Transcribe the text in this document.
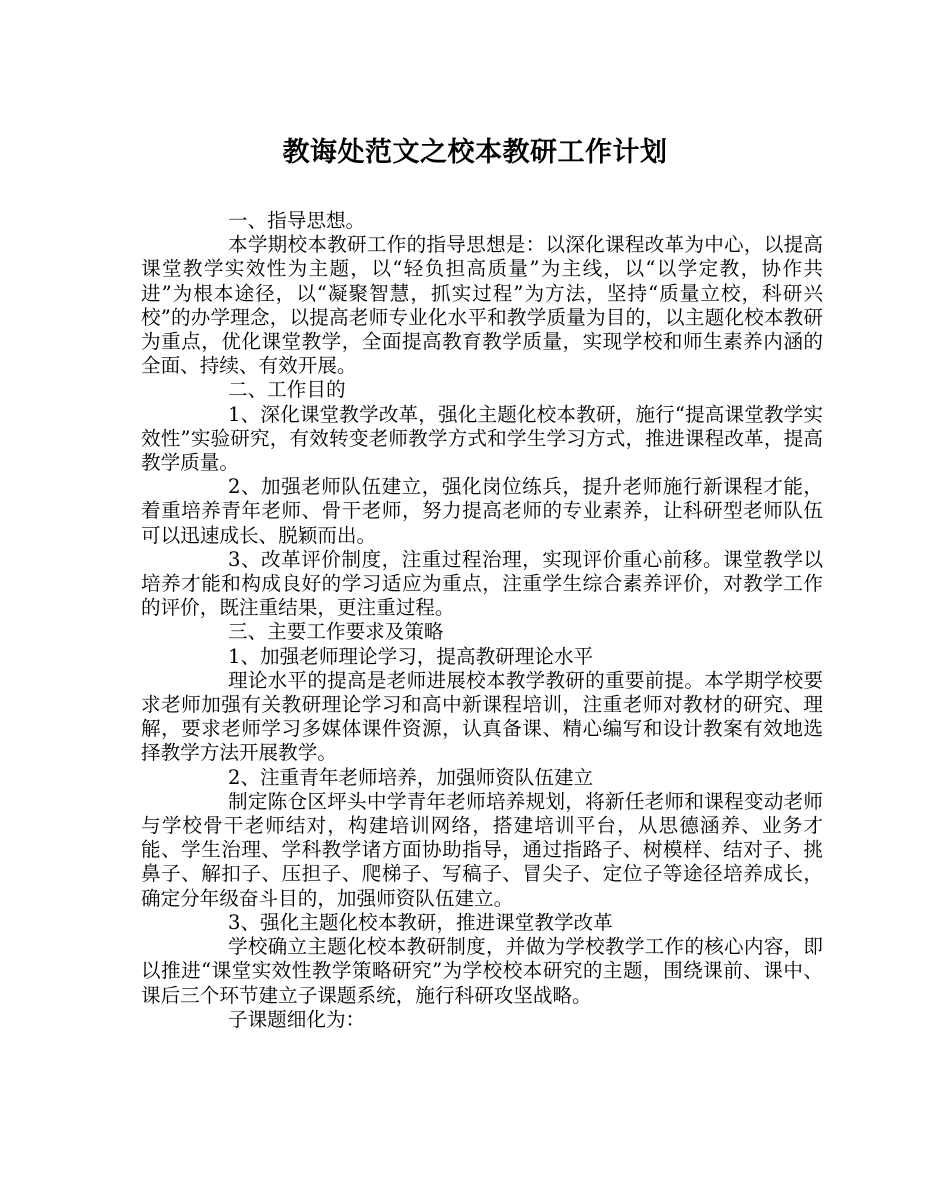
教诲处范文之校本教研工作计划

一、指导思想。

本学期校本教研工作的指导思想是：以深化课程改革为中心，以提高课堂教学实效性为主题，以“轻负担高质量”为主线，以“以学定教，协作共进”为根本途径，以“凝聚智慧，抓实过程”为方法，坚持“质量立校，科研兴校”的办学理念，以提高老师专业化水平和教学质量为目的，以主题化校本教研为重点，优化课堂教学，全面提高教育教学质量，实现学校和师生素养内涵的全面、持续、有效开展。

二、工作目的

1、深化课堂教学改革，强化主题化校本教研，施行“提高课堂教学实效性”实验研究，有效转变老师教学方式和学生学习方式，推进课程改革，提高教学质量。

2、加强老师队伍建立，强化岗位练兵，提升老师施行新课程才能，着重培养青年老师、骨干老师，努力提高老师的专业素养，让科研型老师队伍可以迅速成长、脱颖而出。

3、改革评价制度，注重过程治理，实现评价重心前移。课堂教学以培养才能和构成良好的学习适应为重点，注重学生综合素养评价，对教学工作的评价，既注重结果，更注重过程。

三、主要工作要求及策略

1、加强老师理论学习，提高教研理论水平

理论水平的提高是老师进展校本教学教研的重要前提。本学期学校要求老师加强有关教研理论学习和高中新课程培训，注重老师对教材的研究、理解，要求老师学习多媒体课件资源，认真备课、精心编写和设计教案有效地选择教学方法开展教学。

2、注重青年老师培养，加强师资队伍建立

制定陈仓区坪头中学青年老师培养规划，将新任老师和课程变动老师与学校骨干老师结对，构建培训网络，搭建培训平台，从思德涵养、业务才能、学生治理、学科教学诸方面协助指导，通过指路子、树模样、结对子、挑鼻子、解扣子、压担子、爬梯子、写稿子、冒尖子、定位子等途径培养成长，确定分年级奋斗目的，加强师资队伍建立。

3、强化主题化校本教研，推进课堂教学改革

学校确立主题化校本教研制度，并做为学校教学工作的核心内容，即以推进“课堂实效性教学策略研究”为学校校本研究的主题，围绕课前、课中、课后三个环节建立子课题系统，施行科研攻坚战略。

子课题细化为：
